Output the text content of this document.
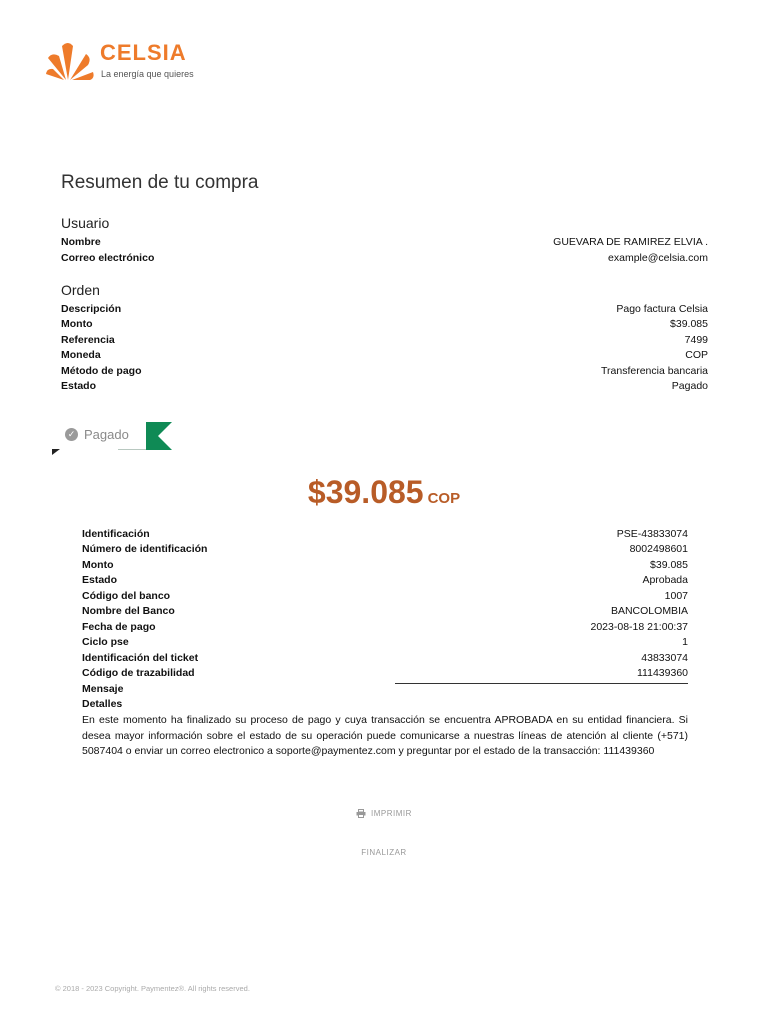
CELSIA
La energía que quieres
Resumen de tu compra
Usuario
Nombre	GUEVARA DE RAMIREZ ELVIA .
Correo electrónico	example@celsia.com
Orden
Descripción	Pago factura Celsia
Monto	$39.085
Referencia	7499
Moneda	COP
Método de pago	Transferencia bancaria
Estado	Pagado
✓ Pagado
$39.085 COP
Identificación	PSE-43833074
Número de identificación	8002498601
Monto	$39.085
Estado	Aprobada
Código del banco	1007
Nombre del Banco	BANCOLOMBIA
Fecha de pago	2023-08-18 21:00:37
Ciclo pse	1
Identificación del ticket	43833074
Código de trazabilidad	111439360
Mensaje
Detalles
En este momento ha finalizado su proceso de pago y cuya transacción se encuentra APROBADA en su entidad financiera. Si desea mayor información sobre el estado de su operación puede comunicarse a nuestras líneas de atención al cliente (+571) 5087404 o enviar un correo electronico a soporte@paymentez.com y preguntar por el estado de la transacción: 111439360
IMPRIMIR
FINALIZAR
© 2018 - 2023 Copyright. Paymentez®. All rights reserved.
